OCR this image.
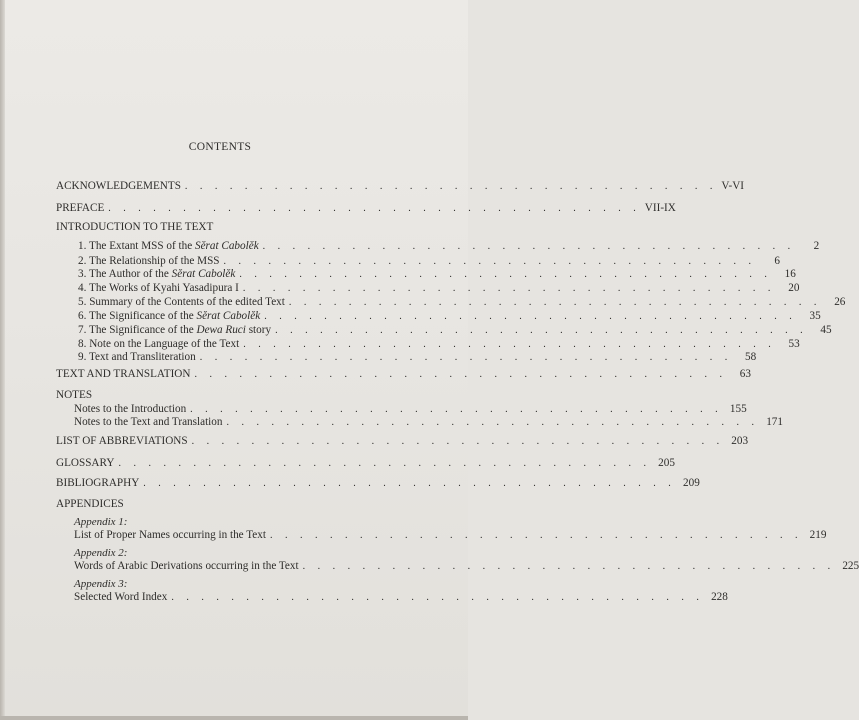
CONTENTS
ACKNOWLEDGEMENTS . . . . . . . . . . . . . . . . . . . . . . . . . . . . . . . . . . . . V-VI
PREFACE . . . . . . . . . . . . . . . . . . . . . . . . . . . . . . . . . . . . VII-IX
INTRODUCTION TO THE TEXT
1. The Extant MSS of the Sĕrat Cabolĕk . . . . . . . . . . . . . . . . . . . . . . . . . . . . . . . . . . . .	2
2. The Relationship of the MSS . . . . . . . . . . . . . . . . . . . . . . . . . . . . . . . . . . . .	6
3. The Author of the Sĕrat Cabolĕk . . . . . . . . . . . . . . . . . . . . . . . . . . . . . . . . . . . .	16
4. The Works of Kyahi Yasadipura I . . . . . . . . . . . . . . . . . . . . . . . . . . . . . . . . . . . .	20
5. Summary of the Contents of the edited Text . . . . . . . . . . . . . . . . . . . . . . . . . . . . . . . . . . . .	26
6. The Significance of the Sĕrat Cabolĕk . . . . . . . . . . . . . . . . . . . . . . . . . . . . . . . . . . . .	35
7. The Significance of the Dewa Ruci story . . . . . . . . . . . . . . . . . . . . . . . . . . . . . . . . . . . .	45
8. Note on the Language of the Text . . . . . . . . . . . . . . . . . . . . . . . . . . . . . . . . . . . .	53
9. Text and Transliteration . . . . . . . . . . . . . . . . . . . . . . . . . . . . . . . . . . . .	58
TEXT AND TRANSLATION . . . . . . . . . . . . . . . . . . . . . . . . . . . . . . . . . . . .	63
NOTES
Notes to the Introduction . . . . . . . . . . . . . . . . . . . . . . . . . . . . . . . . . . . . 155
Notes to the Text and Translation . . . . . . . . . . . . . . . . . . . . . . . . . . . . . . . . . . . . 171
LIST OF ABBREVIATIONS . . . . . . . . . . . . . . . . . . . . . . . . . . . . . . . . . . . . 203
GLOSSARY . . . . . . . . . . . . . . . . . . . . . . . . . . . . . . . . . . . . 205
BIBLIOGRAPHY . . . . . . . . . . . . . . . . . . . . . . . . . . . . . . . . . . . . 209
APPENDICES
Appendix 1:
List of Proper Names occurring in the Text . . . . . . . . . . . . . . . . . . . . . . . . . . . . . . . . . . . . 219
Appendix 2:
Words of Arabic Derivations occurring in the Text . . . . . . . . . . . . . . . . . . . . . . . . . . . . . . . . . . . . 225
Appendix 3:
Selected Word Index . . . . . . . . . . . . . . . . . . . . . . . . . . . . . . . . . . . . 228
